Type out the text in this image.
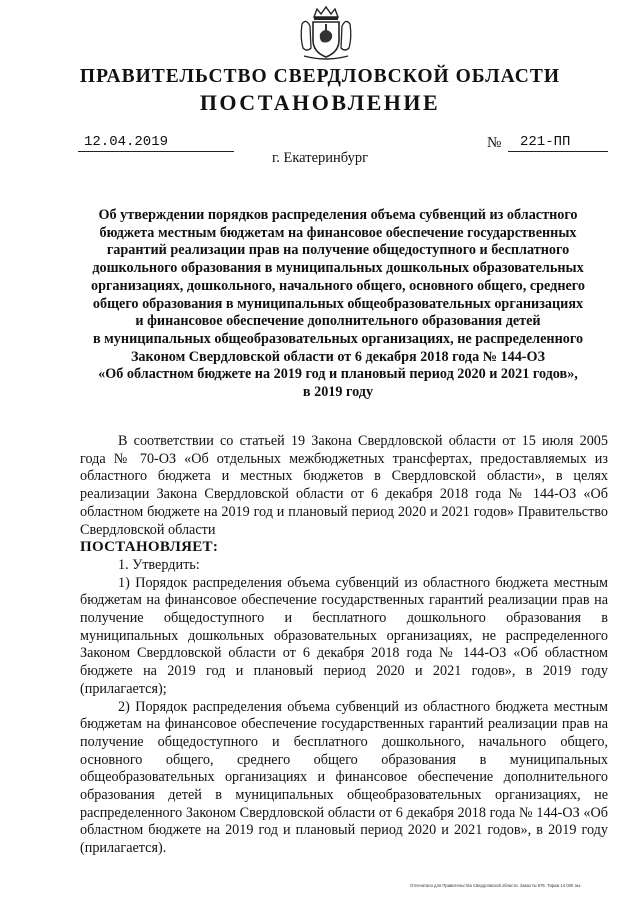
ПРАВИТЕЛЬСТВО СВЕРДЛОВСКОЙ ОБЛАСТИ
ПОСТАНОВЛЕНИЕ
12.04.2019	№	221-ПП
г. Екатеринбург
Об утверждении порядков распределения объема субвенций из областного
бюджета местным бюджетам на финансовое обеспечение государственных
гарантий реализации прав на получение общедоступного и бесплатного
дошкольного образования в муниципальных дошкольных образовательных
организациях, дошкольного, начального общего, основного общего, среднего
общего образования в муниципальных общеобразовательных организациях
и финансовое обеспечение дополнительного образования детей
в муниципальных общеобразовательных организациях, не распределенного
Законом Свердловской области от 6 декабря 2018 года № 144-ОЗ
«Об областном бюджете на 2019 год и плановый период 2020 и 2021 годов»,
в 2019 году

В соответствии со статьей 19 Закона Свердловской области от 15 июля 2005 года № 70-ОЗ «Об отдельных межбюджетных трансфертах, предоставляемых из областного бюджета и местных бюджетов в Свердловской области», в целях реализации Закона Свердловской области от 6 декабря 2018 года № 144-ОЗ «Об областном бюджете на 2019 год и плановый период 2020 и 2021 годов» Правительство Свердловской области

ПОСТАНОВЛЯЕТ:

1. Утвердить:

1) Порядок распределения объема субвенций из областного бюджета местным бюджетам на финансовое обеспечение государственных гарантий реализации прав на получение общедоступного и бесплатного дошкольного образования в муниципальных дошкольных образовательных организациях, не распределенного Законом Свердловской области от 6 декабря 2018 года № 144-ОЗ «Об областном бюджете на 2019 год и плановый период 2020 и 2021 годов», в 2019 году (прилагается);

2) Порядок распределения объема субвенций из областного бюджета местным бюджетам на финансовое обеспечение государственных гарантий реализации прав на получение общедоступного и бесплатного дошкольного, начального общего, основного общего, среднего общего образования в муниципальных общеобразовательных организациях и финансовое обеспечение дополнительного образования детей в муниципальных общеобразовательных организациях, не распределенного Законом Свердловской области от 6 декабря 2018 года № 144-ОЗ «Об областном бюджете на 2019 год и плановый период 2020 и 2021 годов», в 2019 году (прилагается).

Отпечатано для Правительства Свердловской области. Заказ № 575. Тираж 14 000 экз.
